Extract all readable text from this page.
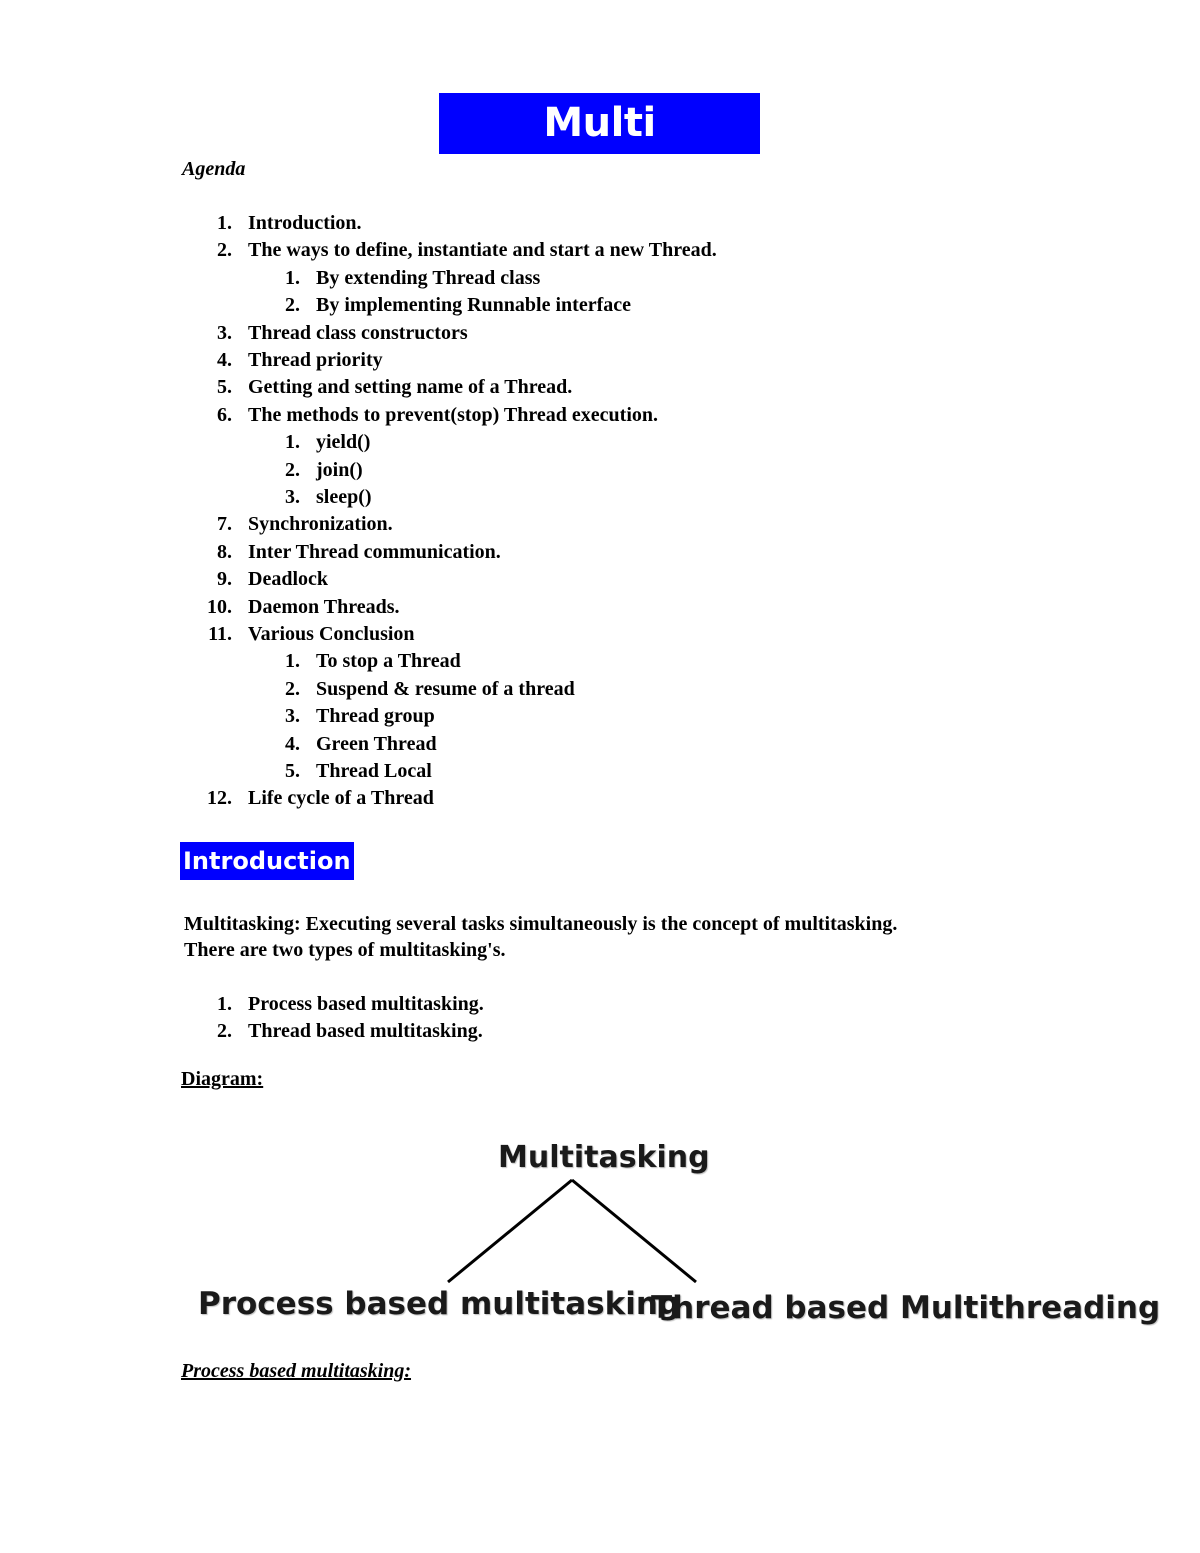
Multi Threading
Agenda
1. Introduction.
2. The ways to define, instantiate and start a new Thread.
1. By extending Thread class
2. By implementing Runnable interface
3. Thread class constructors
4. Thread priority
5. Getting and setting name of a Thread.
6. The methods to prevent(stop) Thread execution.
1. yield()
2. join()
3. sleep()
7. Synchronization.
8. Inter Thread communication.
9. Deadlock
10. Daemon Threads.
11. Various Conclusion
1. To stop a Thread
2. Suspend & resume of a thread
3. Thread group
4. Green Thread
5. Thread Local
12. Life cycle of a Thread
Introduction
Multitasking: Executing several tasks simultaneously is the concept of multitasking.
There are two types of multitasking's.
1. Process based multitasking.
2. Thread based multitasking.
Diagram:
Multitasking
Process based multitasking
Thread based Multithreading
Process based multitasking:
